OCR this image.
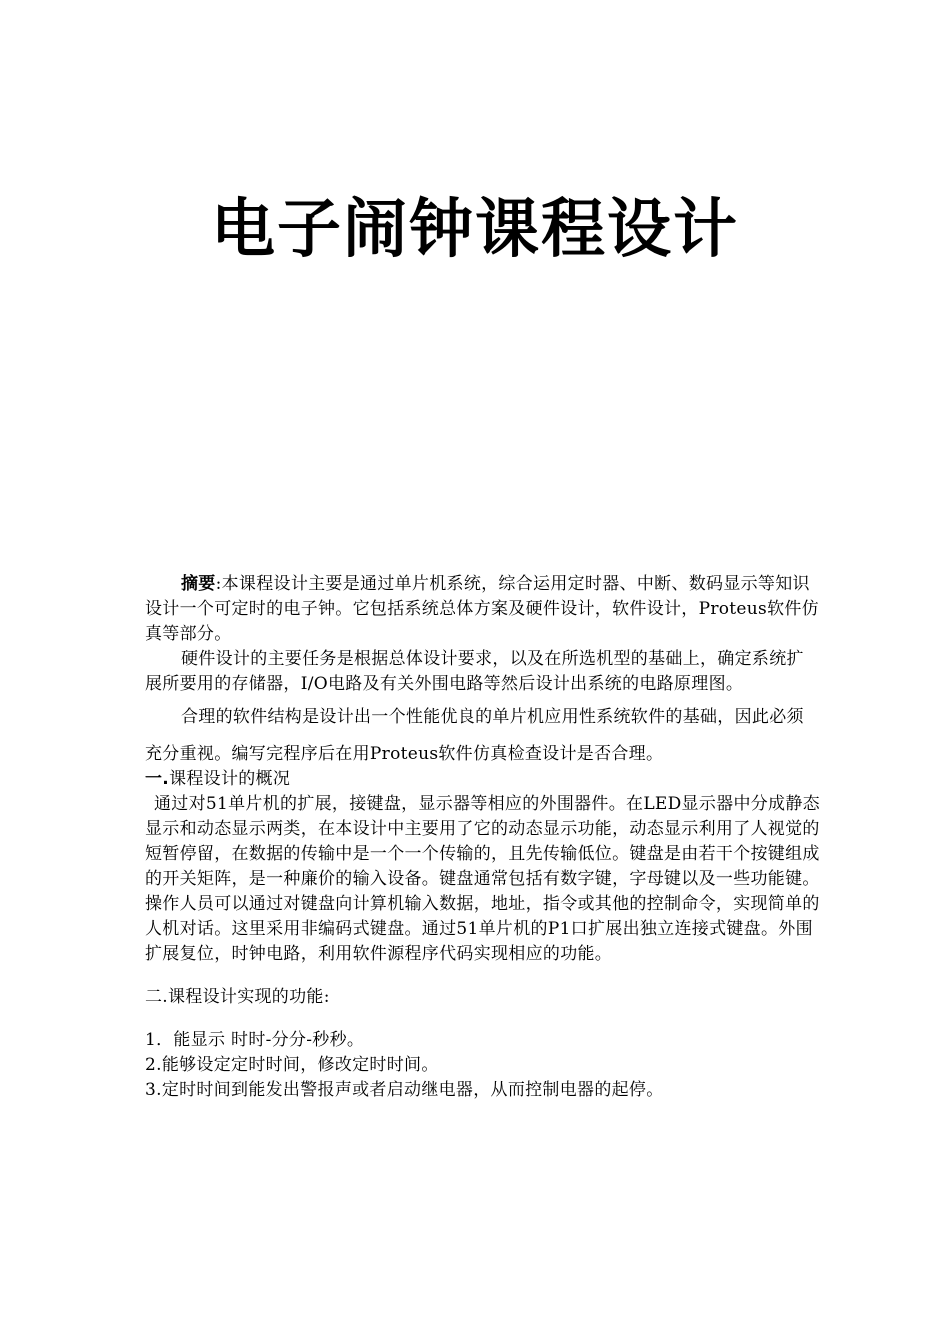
电子闹钟课程设计

摘要:本课程设计主要是通过单片机系统，综合运用定时器、中断、数码显示等知识设计一个可定时的电子钟。它包括系统总体方案及硬件设计，软件设计，Proteus软件仿真等部分。

硬件设计的主要任务是根据总体设计要求，以及在所选机型的基础上，确定系统扩展所要用的存储器，I/O电路及有关外围电路等然后设计出系统的电路原理图。

合理的软件结构是设计出一个性能优良的单片机应用性系统软件的基础，因此必须充分重视。编写完程序后在用Proteus软件仿真检查设计是否合理。

一.课程设计的概况

通过对51单片机的扩展，接键盘，显示器等相应的外围器件。在LED显示器中分成静态显示和动态显示两类，在本设计中主要用了它的动态显示功能，动态显示利用了人视觉的短暂停留，在数据的传输中是一个一个传输的，且先传输低位。键盘是由若干个按键组成的开关矩阵，是一种廉价的输入设备。键盘通常包括有数字键，字母键以及一些功能键。操作人员可以通过对键盘向计算机输入数据，地址，指令或其他的控制命令，实现简单的人机对话。这里采用非编码式键盘。通过51单片机的P1口扩展出独立连接式键盘。外围扩展复位，时钟电路，利用软件源程序代码实现相应的功能。

二.课程设计实现的功能:

1．能显示 时时-分分-秒秒。

2.能够设定定时时间，修改定时时间。

3.定时时间到能发出警报声或者启动继电器，从而控制电器的起停。
